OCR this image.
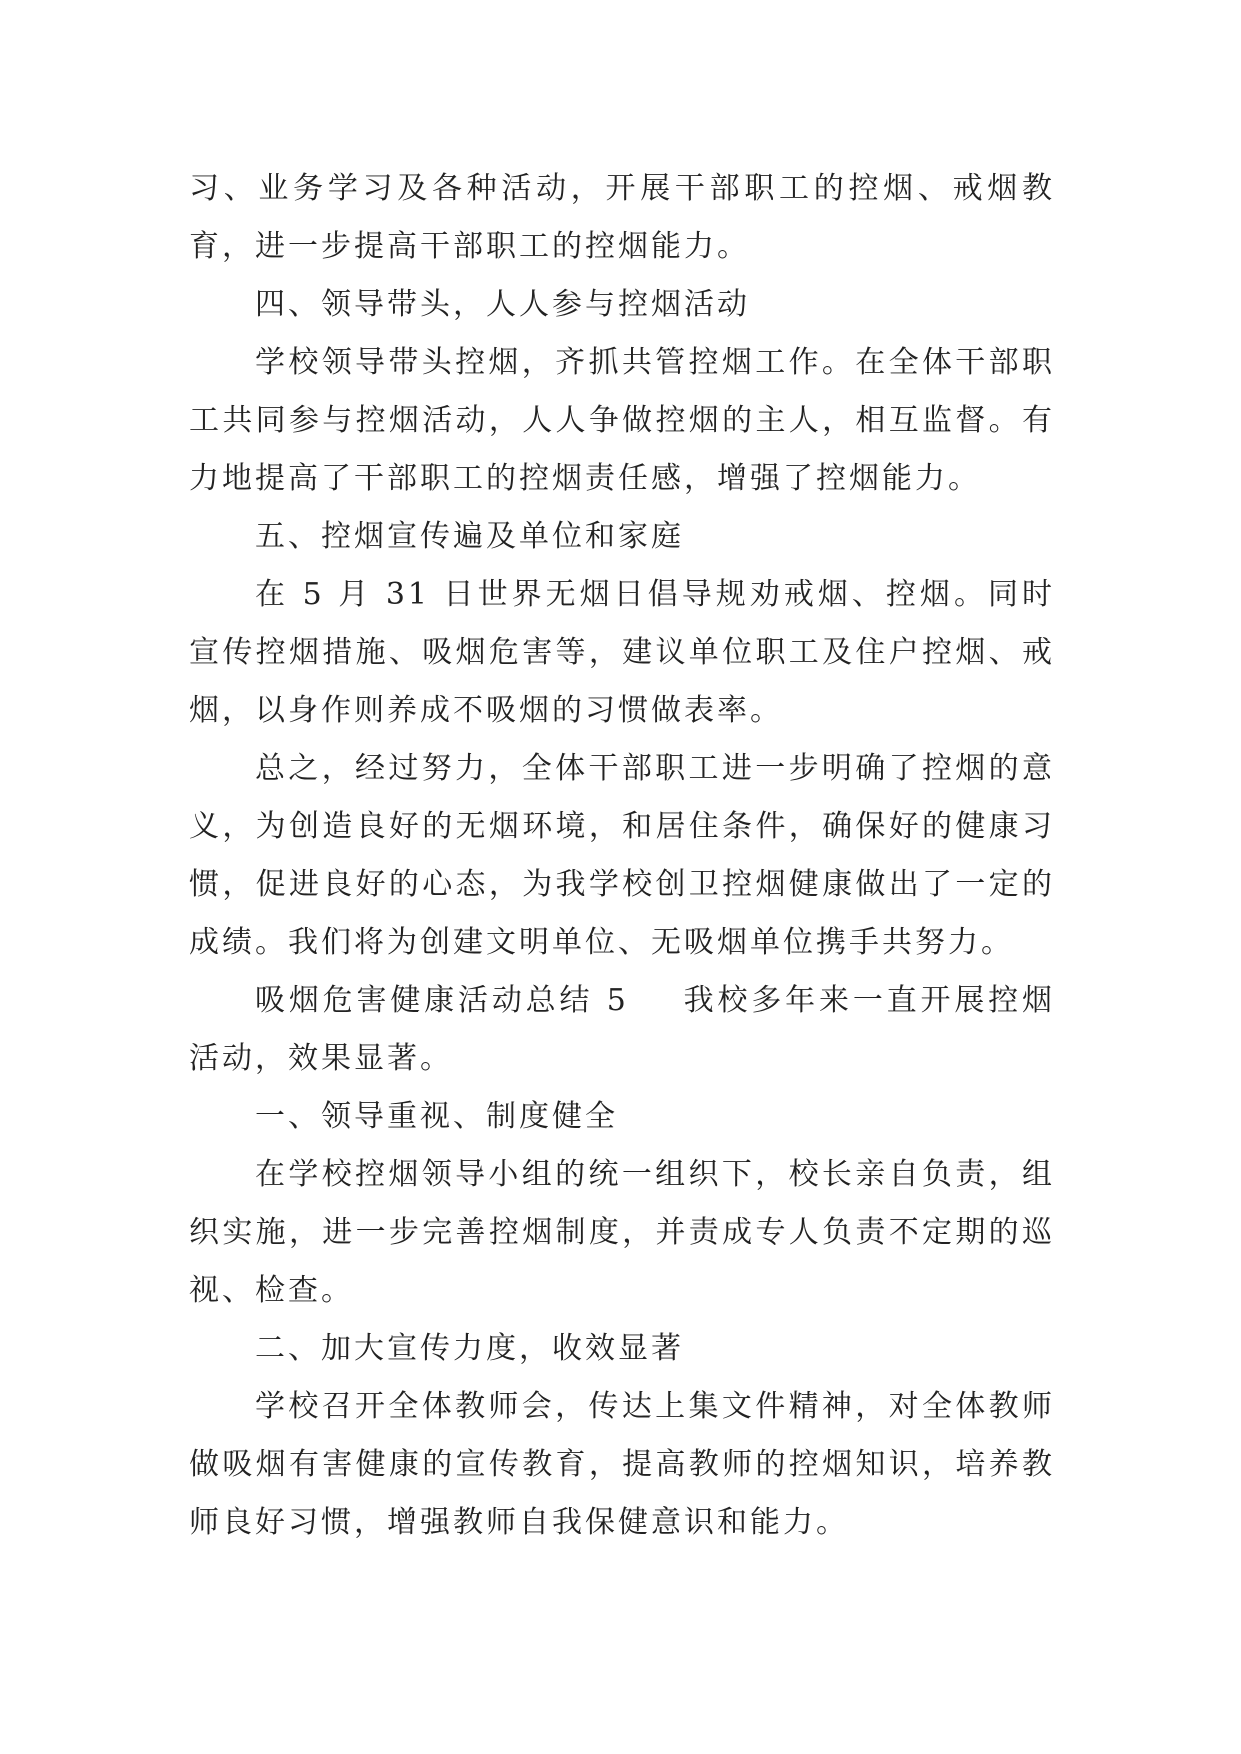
习、业务学习及各种活动，开展干部职工的控烟、戒烟教育，进一步提高干部职工的控烟能力。

四、领导带头，人人参与控烟活动

学校领导带头控烟，齐抓共管控烟工作。在全体干部职工共同参与控烟活动，人人争做控烟的主人，相互监督。有力地提高了干部职工的控烟责任感，增强了控烟能力。

五、控烟宣传遍及单位和家庭

在 5 月 31 日世界无烟日倡导规劝戒烟、控烟。同时宣传控烟措施、吸烟危害等，建议单位职工及住户控烟、戒烟，以身作则养成不吸烟的习惯做表率。

总之，经过努力，全体干部职工进一步明确了控烟的意义，为创造良好的无烟环境，和居住条件，确保好的健康习惯，促进良好的心态，为我学校创卫控烟健康做出了一定的成绩。我们将为创建文明单位、无吸烟单位携手共努力。

吸烟危害健康活动总结 5 我校多年来一直开展控烟活动，效果显著。

一、领导重视、制度健全

在学校控烟领导小组的统一组织下，校长亲自负责，组织实施，进一步完善控烟制度，并责成专人负责不定期的巡视、检查。

二、加大宣传力度，收效显著

学校召开全体教师会，传达上集文件精神，对全体教师做吸烟有害健康的宣传教育，提高教师的控烟知识，培养教师良好习惯，增强教师自我保健意识和能力。
